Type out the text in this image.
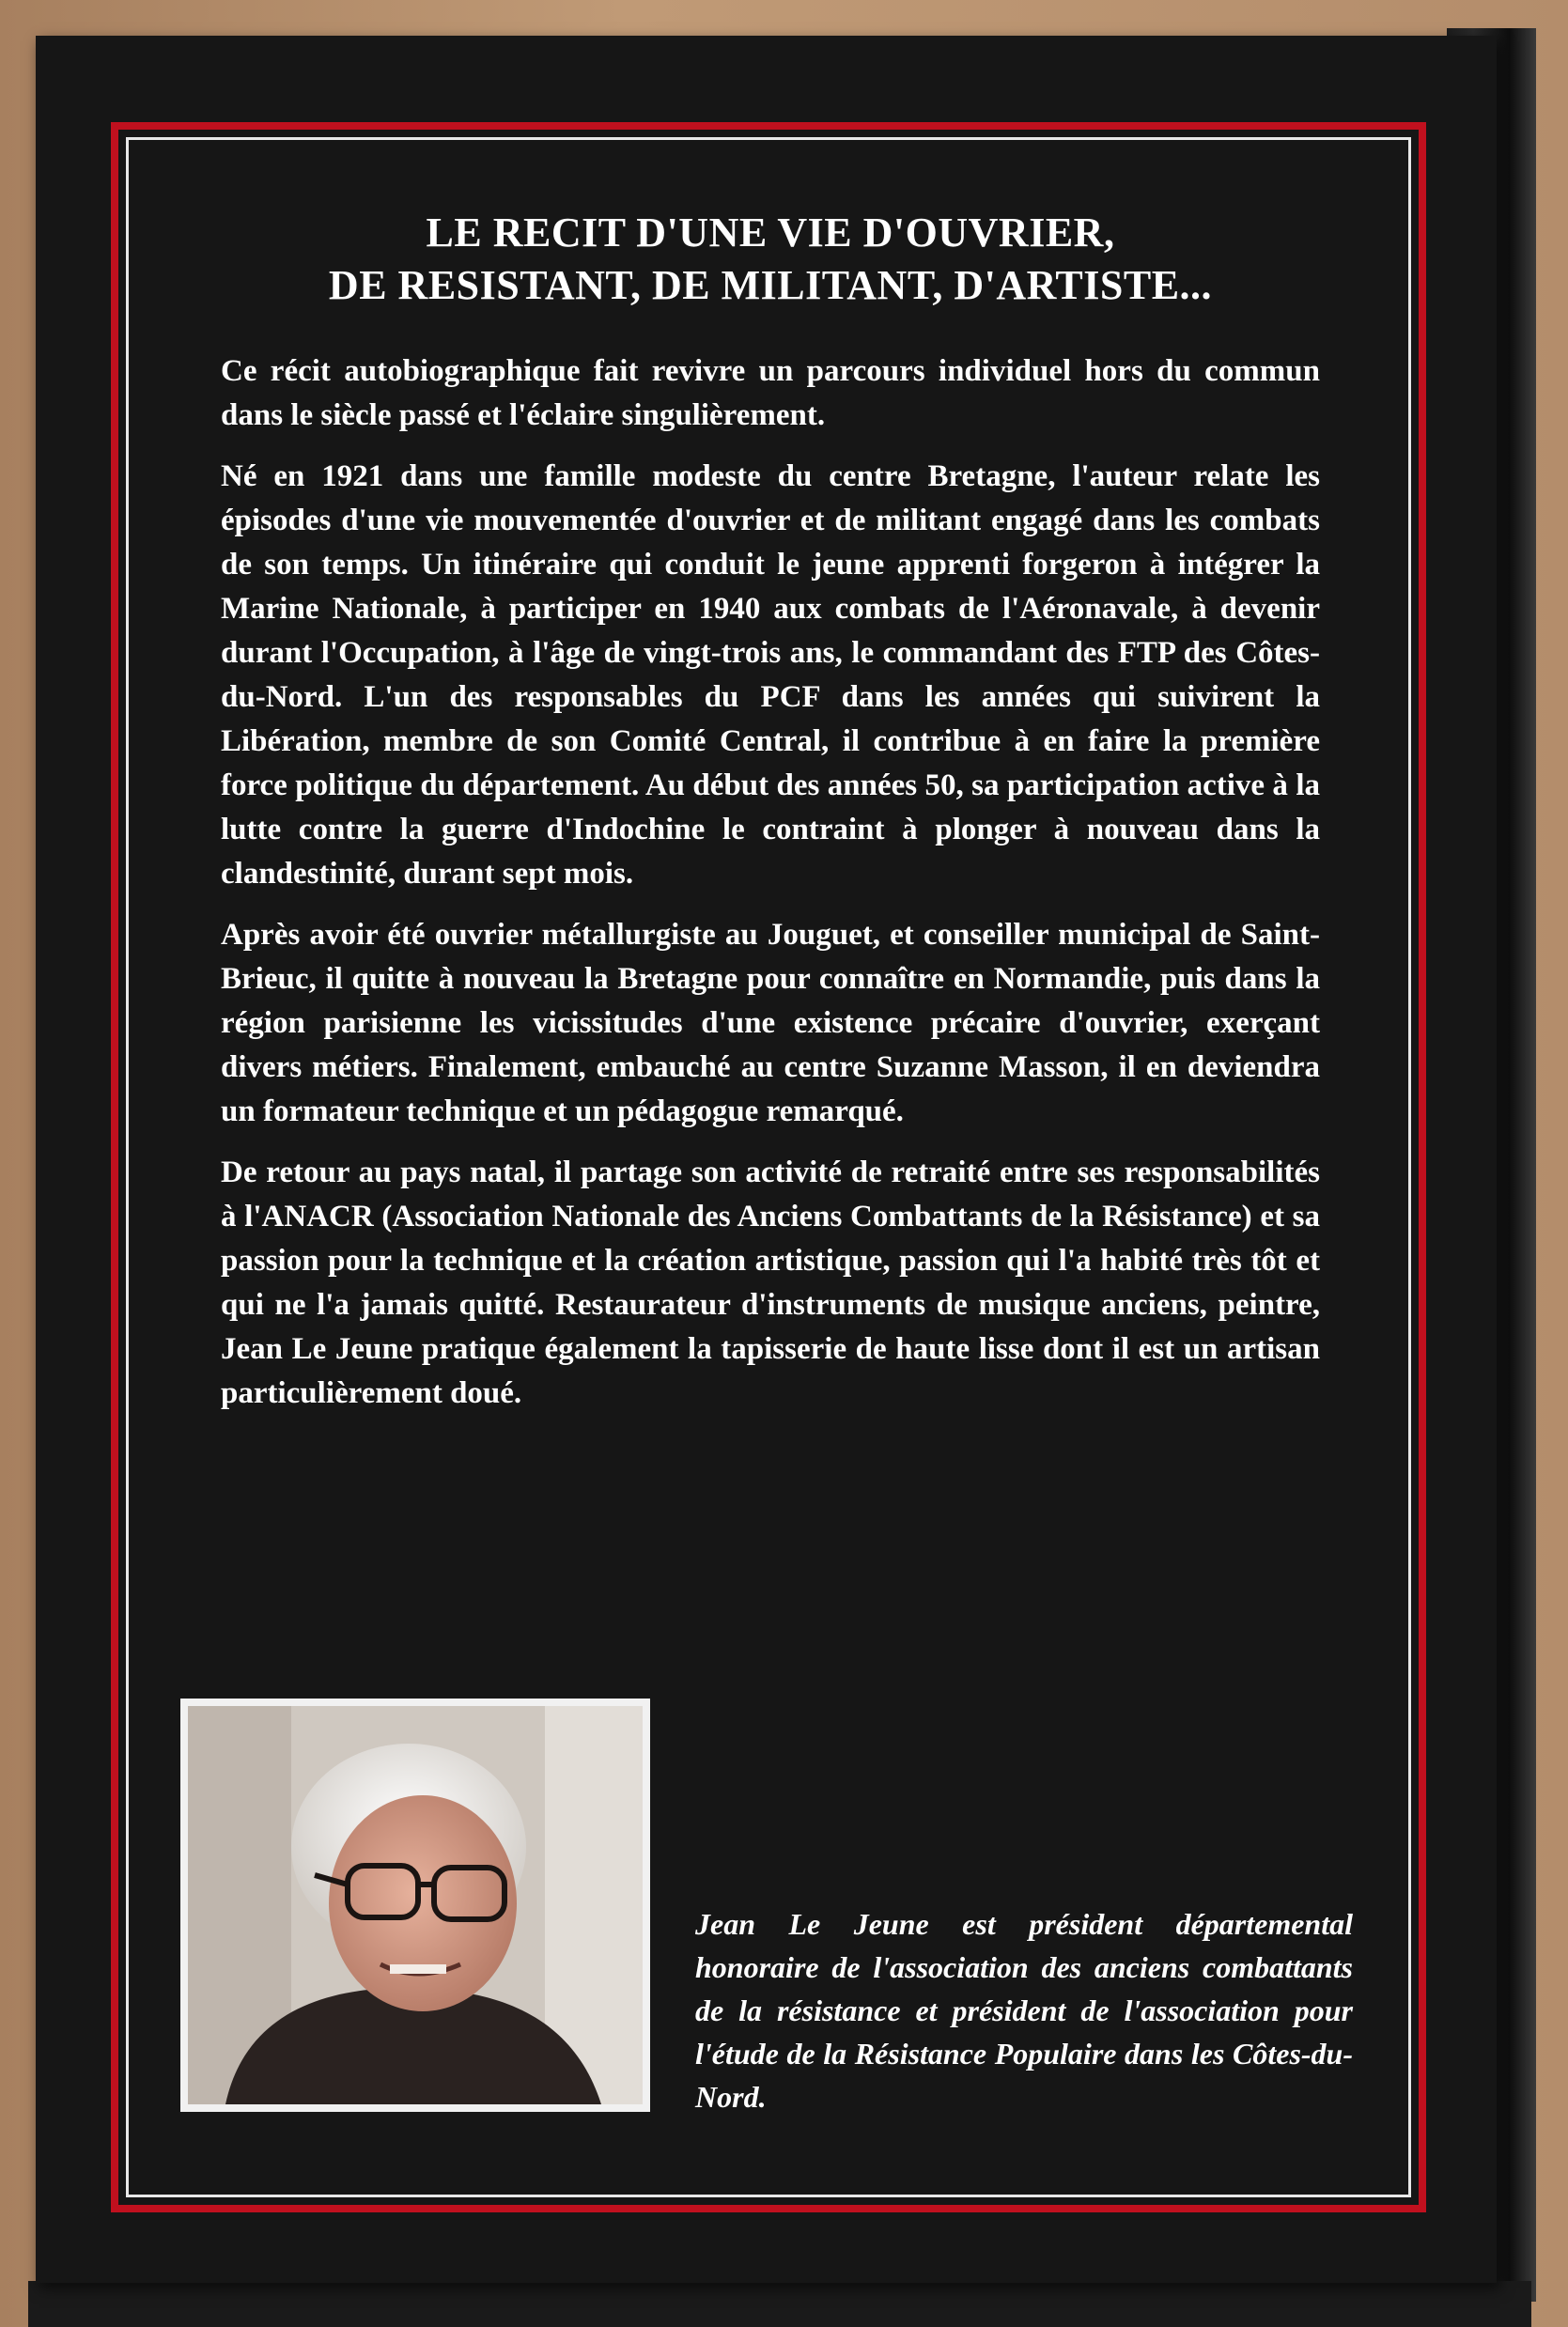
LE RECIT D'UNE VIE D'OUVRIER,
DE RESISTANT, DE MILITANT, D'ARTISTE...

Ce récit autobiographique fait revivre un parcours individuel hors du commun dans le siècle passé et l'éclaire singulièrement.

Né en 1921 dans une famille modeste du centre Bretagne, l'auteur relate les épisodes d'une vie mouvementée d'ouvrier et de militant engagé dans les combats de son temps. Un itinéraire qui conduit le jeune apprenti forgeron à intégrer la Marine Nationale, à participer en 1940 aux combats de l'Aéronavale, à devenir durant l'Occupation, à l'âge de vingt-trois ans, le commandant des FTP des Côtes-du-Nord. L'un des responsables du PCF dans les années qui suivirent la Libération, membre de son Comité Central, il contribue à en faire la première force politique du département. Au début des années 50, sa participation active à la lutte contre la guerre d'Indochine le contraint à plonger à nouveau dans la clandestinité, durant sept mois.

Après avoir été ouvrier métallurgiste au Jouguet, et conseiller municipal de Saint-Brieuc, il quitte à nouveau la Bretagne pour connaître en Normandie, puis dans la région parisienne les vicissitudes d'une existence précaire d'ouvrier, exerçant divers métiers. Finalement, embauché au centre Suzanne Masson, il en deviendra un formateur technique et un pédagogue remarqué.

De retour au pays natal, il partage son activité de retraité entre ses responsabilités à l'ANACR (Association Nationale des Anciens Combattants de la Résistance) et sa passion pour la technique et la création artistique, passion qui l'a habité très tôt et qui ne l'a jamais quitté. Restaurateur d'instruments de musique anciens, peintre, Jean Le Jeune pratique également la tapisserie de haute lisse dont il est un artisan particulièrement doué.

Jean Le Jeune est président départemental honoraire de l'association des anciens combattants de la résistance et président de l'association pour l'étude de la Résistance Populaire dans les Côtes-du-Nord.
